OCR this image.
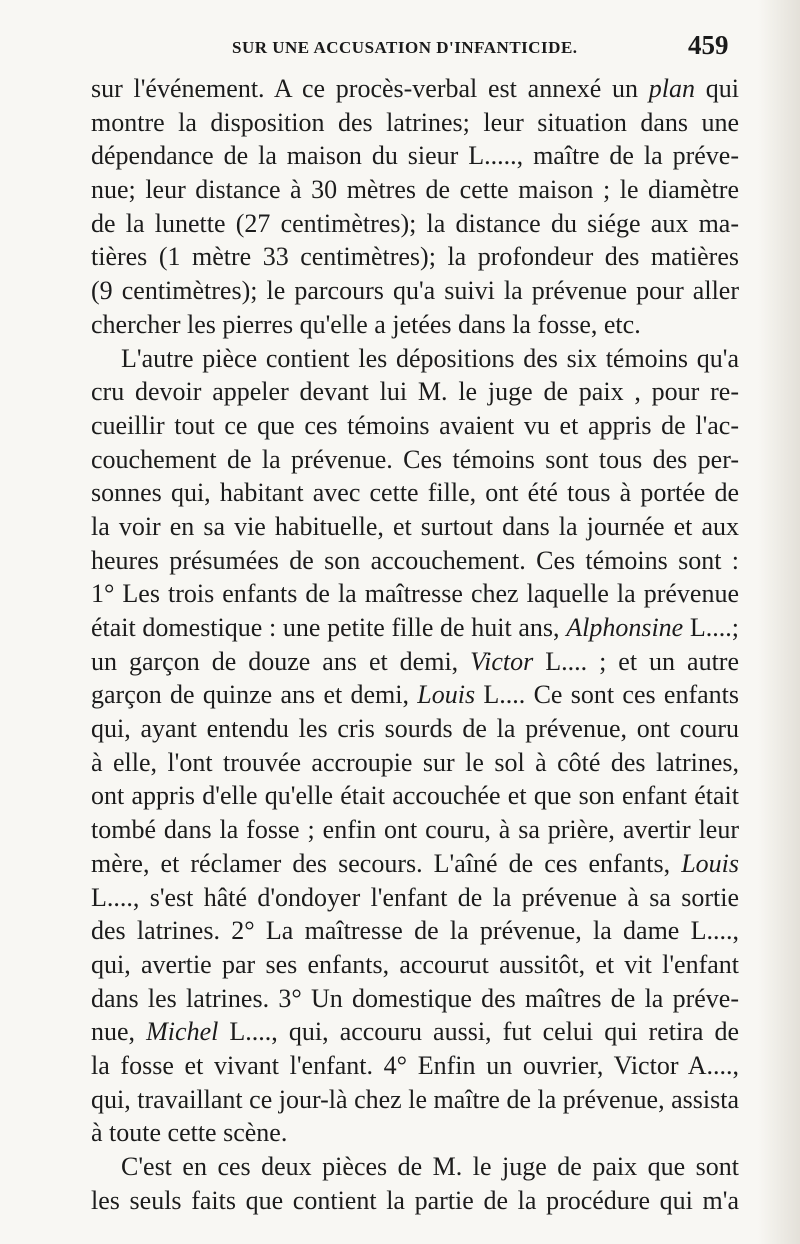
SUR UNE ACCUSATION D'INFANTICIDE.	459
sur l'événement. A ce procès-verbal est annexé un plan qui
montre la disposition des latrines; leur situation dans une
dépendance de la maison du sieur L....., maître de la préve-
nue; leur distance à 30 mètres de cette maison ; le diamètre
de la lunette (27 centimètres); la distance du siége aux ma-
tières (1 mètre 33 centimètres); la profondeur des matières
(9 centimètres); le parcours qu'a suivi la prévenue pour aller
chercher les pierres qu'elle a jetées dans la fosse, etc.
L'autre pièce contient les dépositions des six témoins qu'a
cru devoir appeler devant lui M. le juge de paix , pour re-
cueillir tout ce que ces témoins avaient vu et appris de l'ac-
couchement de la prévenue. Ces témoins sont tous des per-
sonnes qui, habitant avec cette fille, ont été tous à portée de
la voir en sa vie habituelle, et surtout dans la journée et aux
heures présumées de son accouchement. Ces témoins sont :
1° Les trois enfants de la maîtresse chez laquelle la prévenue
était domestique : une petite fille de huit ans, Alphonsine L....;
un garçon de douze ans et demi, Victor L.... ; et un autre
garçon de quinze ans et demi, Louis L.... Ce sont ces enfants
qui, ayant entendu les cris sourds de la prévenue, ont couru
à elle, l'ont trouvée accroupie sur le sol à côté des latrines,
ont appris d'elle qu'elle était accouchée et que son enfant était
tombé dans la fosse ; enfin ont couru, à sa prière, avertir leur
mère, et réclamer des secours. L'aîné de ces enfants, Louis
L...., s'est hâté d'ondoyer l'enfant de la prévenue à sa sortie
des latrines. 2° La maîtresse de la prévenue, la dame L....,
qui, avertie par ses enfants, accourut aussitôt, et vit l'enfant
dans les latrines. 3° Un domestique des maîtres de la préve-
nue, Michel L...., qui, accouru aussi, fut celui qui retira de
la fosse et vivant l'enfant. 4° Enfin un ouvrier, Victor A....,
qui, travaillant ce jour-là chez le maître de la prévenue, assista
à toute cette scène.
C'est en ces deux pièces de M. le juge de paix que sont
les seuls faits que contient la partie de la procédure qui m'a
